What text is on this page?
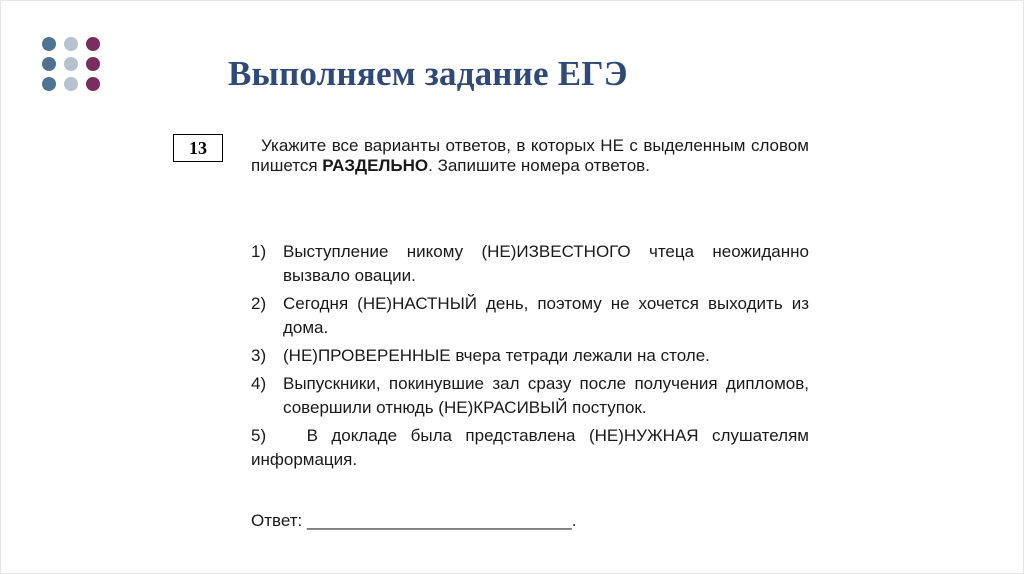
Выполняем задание ЕГЭ
13	Укажите все варианты ответов, в которых НЕ с выделенным словом пишется РАЗДЕЛЬНО. Запишите номера ответов.
1) Выступление никому (НЕ)ИЗВЕСТНОГО чтеца неожиданно вызвало овации.
2) Сегодня (НЕ)НАСТНЫЙ день, поэтому не хочется выходить из дома.
3) (НЕ)ПРОВЕРЕННЫЕ вчера тетради лежали на столе.
4) Выпускники, покинувшие зал сразу после получения дипломов, совершили отнюдь (НЕ)КРАСИВЫЙ поступок.
5) В докладе была представлена (НЕ)НУЖНАЯ слушателям информация.
Ответ: ____________________________.
